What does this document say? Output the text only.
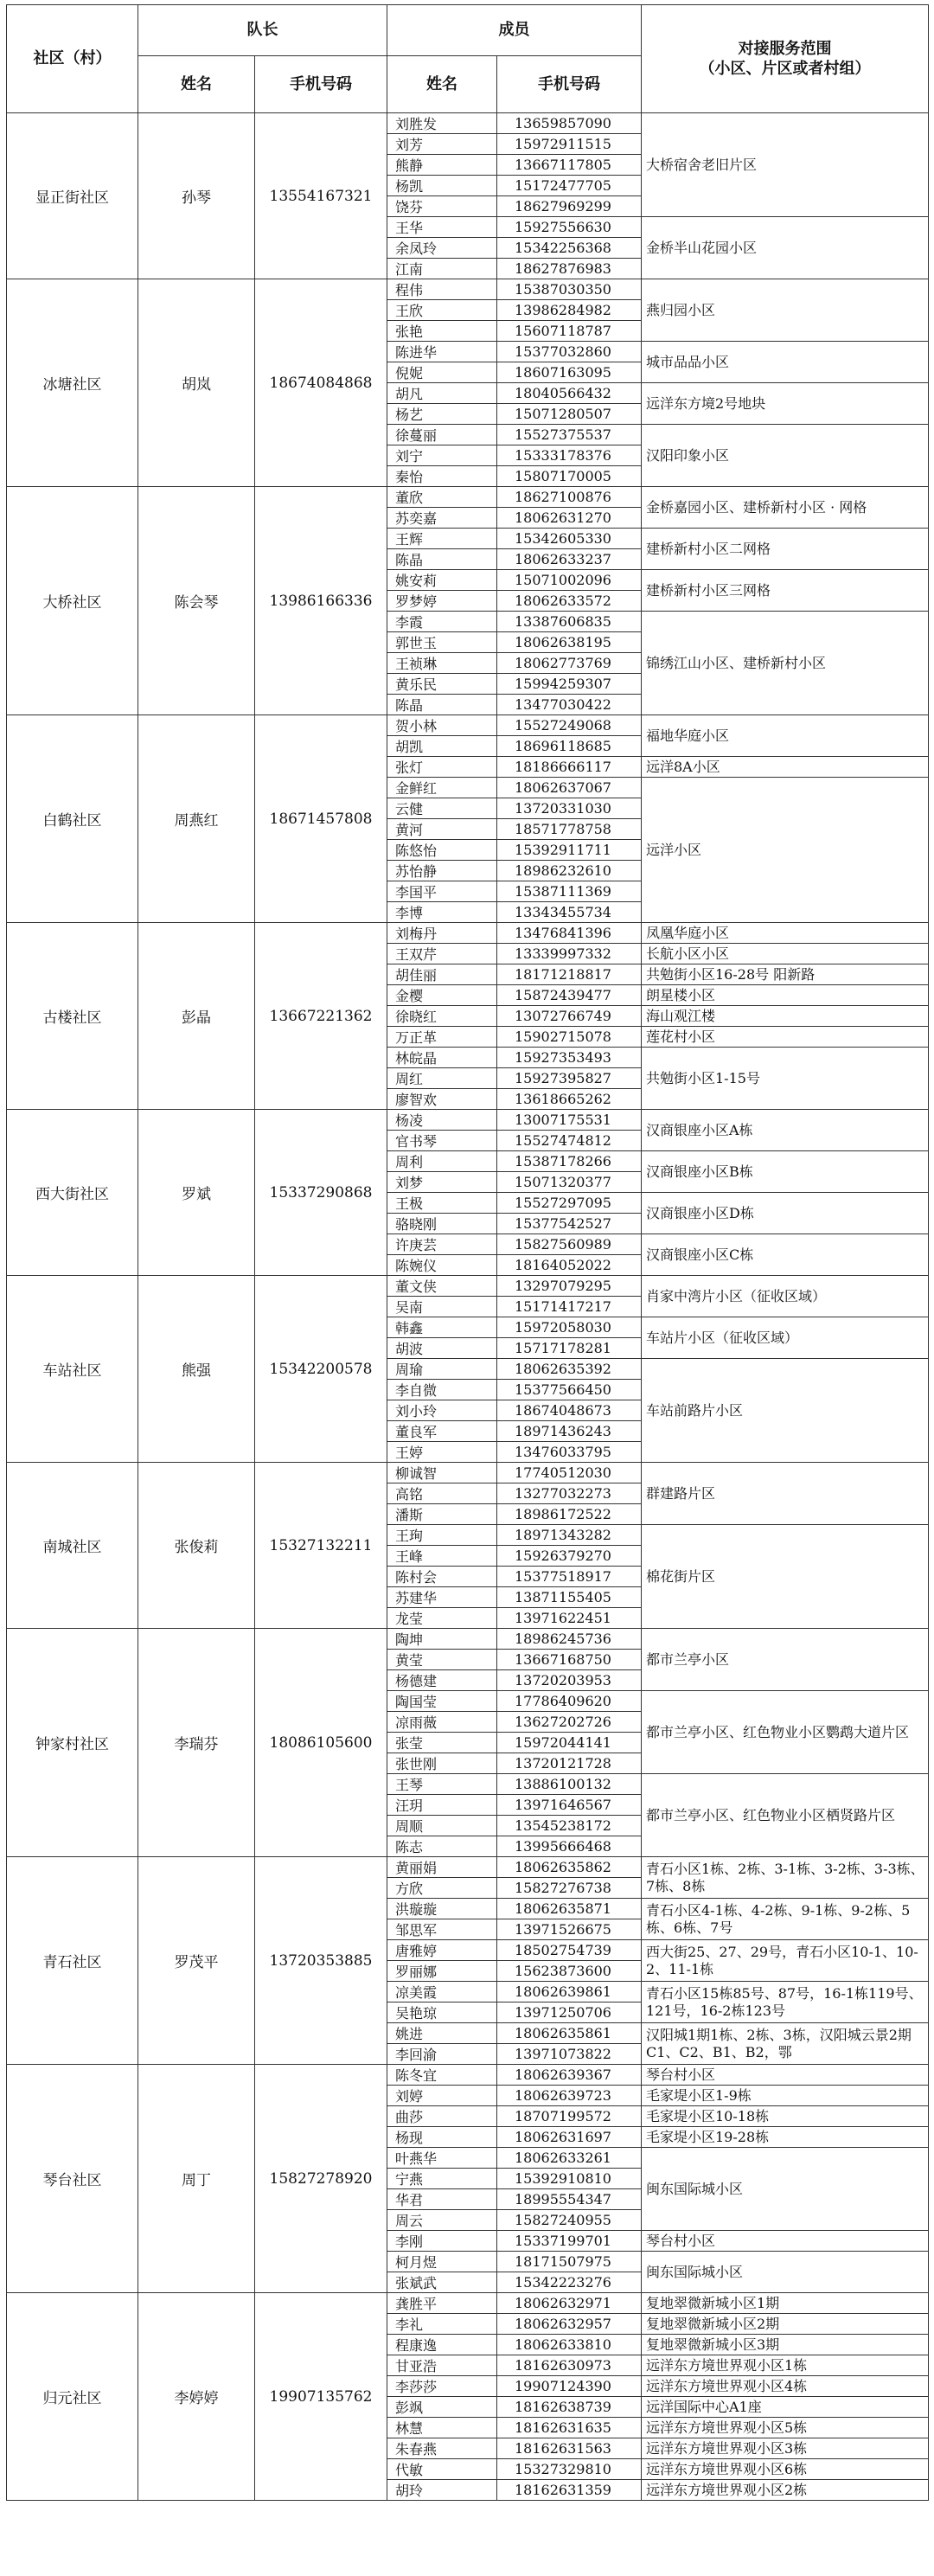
社区（村）	队长		成员		对接服务范围
（小区、片区或者村组）
	姓名	手机号码	姓名	手机号码	
显正街社区	孙琴	13554167321	刘胜发	13659857090	大桥宿舍老旧片区
			刘芳	15972911515	
			熊静	13667117805	
			杨凯	15172477705	
			饶芬	18627969299	
			王华	15927556630	金桥半山花园小区
			余凤玲	15342256368	
			江南	18627876983	
冰塘社区	胡岚	18674084868	程伟	15387030350	燕归园小区
			王欣	13986284982	
			张艳	15607118787	
			陈进华	15377032860	城市品品小区
			倪妮	18607163095	
			胡凡	18040566432	远洋东方境2号地块
			杨艺	15071280507	
			徐蔓丽	15527375537	汉阳印象小区
			刘宁	15333178376	
			秦怡	15807170005	
大桥社区	陈会琴	13986166336	董欣	18627100876	金桥嘉园小区、建桥新村小区 · 网格
			苏奕嘉	18062631270	
			王辉	15342605330	建桥新村小区二网格
			陈晶	18062633237	
			姚安莉	15071002096	建桥新村小区三网格
			罗梦婷	18062633572	
			李霞	13387606835	锦绣江山小区、建桥新村小区
			郭世玉	18062638195	
			王祯琳	18062773769	
			黄乐民	15994259307	
			陈晶	13477030422	
白鹤社区	周燕红	18671457808	贺小林	15527249068	福地华庭小区
			胡凯	18696118685	
			张灯	18186666117	远洋8A小区
			金鲜红	18062637067	远洋小区
			云健	13720331030	
			黄河	18571778758	
			陈悠怡	15392911711	
			苏怡静	18986232610	
			李国平	15387111369	
			李博	13343455734	
古楼社区	彭晶	13667221362	刘梅丹	13476841396	凤凰华庭小区
			王双芹	13339997332	长航小区小区
			胡佳丽	18171218817	共勉街小区16-28号 阳新路
			金樱	15872439477	朗星楼小区
			徐晓红	13072766749	海山观江楼
			万正革	15902715078	莲花村小区
			林皖晶	15927353493	共勉街小区1-15号
			周红	15927395827	
			廖智欢	13618665262	
西大街社区	罗斌	15337290868	杨凌	13007175531	汉商银座小区A栋
			官书琴	15527474812	
			周利	15387178266	汉商银座小区B栋
			刘梦	15071320377	
			王极	15527297095	汉商银座小区D栋
			骆晓刚	15377542527	
			许庚芸	15827560989	汉商银座小区C栋
			陈婉仪	18164052022	
车站社区	熊强	15342200578	董文侠	13297079295	肖家中湾片小区（征收区域）
			吴南	15171417217	
			韩鑫	15972058030	车站片小区（征收区域）
			胡波	15717178281	
			周瑜	18062635392	车站前路片小区
			李自微	15377566450	
			刘小玲	18674048673	
			董良军	18971436243	
			王婷	13476033795	
南城社区	张俊莉	15327132211	柳诚智	17740512030	群建路片区
			高铭	13277032273	
			潘斯	18986172522	
			王珣	18971343282	棉花街片区
			王峰	15926379270	
			陈村会	15377518917	
			苏建华	13871155405	
			龙莹	13971622451	
钟家村社区	李瑞芬	18086105600	陶坤	18986245736	都市兰亭小区
			黄莹	13667168750	
			杨德建	13720203953	
			陶国莹	17786409620	都市兰亭小区、红色物业小区鹦鹉大道片区
			凉雨薇	13627202726	
			张莹	15972044141	
			张世刚	13720121728	
			王琴	13886100132	都市兰亭小区、红色物业小区栖贤路片区
			汪玥	13971646567	
			周顺	13545238172	
			陈志	13995666468	
青石社区	罗茂平	13720353885	黄丽娟	18062635862	青石小区1栋、2栋、3-1栋、3-2栋、3-3栋、7栋、8栋
			方欣	15827276738	
			洪璇璇	18062635871	青石小区4-1栋、4-2栋、9-1栋、9-2栋、5栋、6栋、7号
			邹思军	13971526675	
			唐雅婷	18502754739	西大街25、27、29号，青石小区10-1、10-2、11-1栋
			罗丽娜	15623873600	
			凉美霞	18062639861	青石小区15栋85号、87号，16-1栋119号、121号，16-2栋123号
			吴艳琼	13971250706	
			姚进	18062635861	汉阳城1期1栋、2栋、3栋，汉阳城云景2期C1、C2、B1、B2，鄂
			李回渝	13971073822	
琴台社区	周丁	15827278920	陈冬宜	18062639367	琴台村小区
			刘婷	18062639723	毛家堤小区1-9栋
			曲莎	18707199572	毛家堤小区10-18栋
			杨现	18062631697	毛家堤小区19-28栋
			叶燕华	18062633261	闽东国际城小区
			宁燕	15392910810	
			华君	18995554347	
			周云	15827240955	
			李刚	15337199701	琴台村小区
			柯月煜	18171507975	闽东国际城小区
			张斌武	15342223276	
归元社区	李婷婷	19907135762	龚胜平	18062632971	复地翠微新城小区1期
			李礼	18062632957	复地翠微新城小区2期
			程康逸	18062633810	复地翠微新城小区3期
			甘亚浩	18162630973	远洋东方境世界观小区1栋
			李莎莎	19907124390	远洋东方境世界观小区4栋
			彭飒	18162638739	远洋国际中心A1座
			林慧	18162631635	远洋东方境世界观小区5栋
			朱春燕	18162631563	远洋东方境世界观小区3栋
			代敏	15327329810	远洋东方境世界观小区6栋
			胡玲	18162631359	远洋东方境世界观小区2栋
